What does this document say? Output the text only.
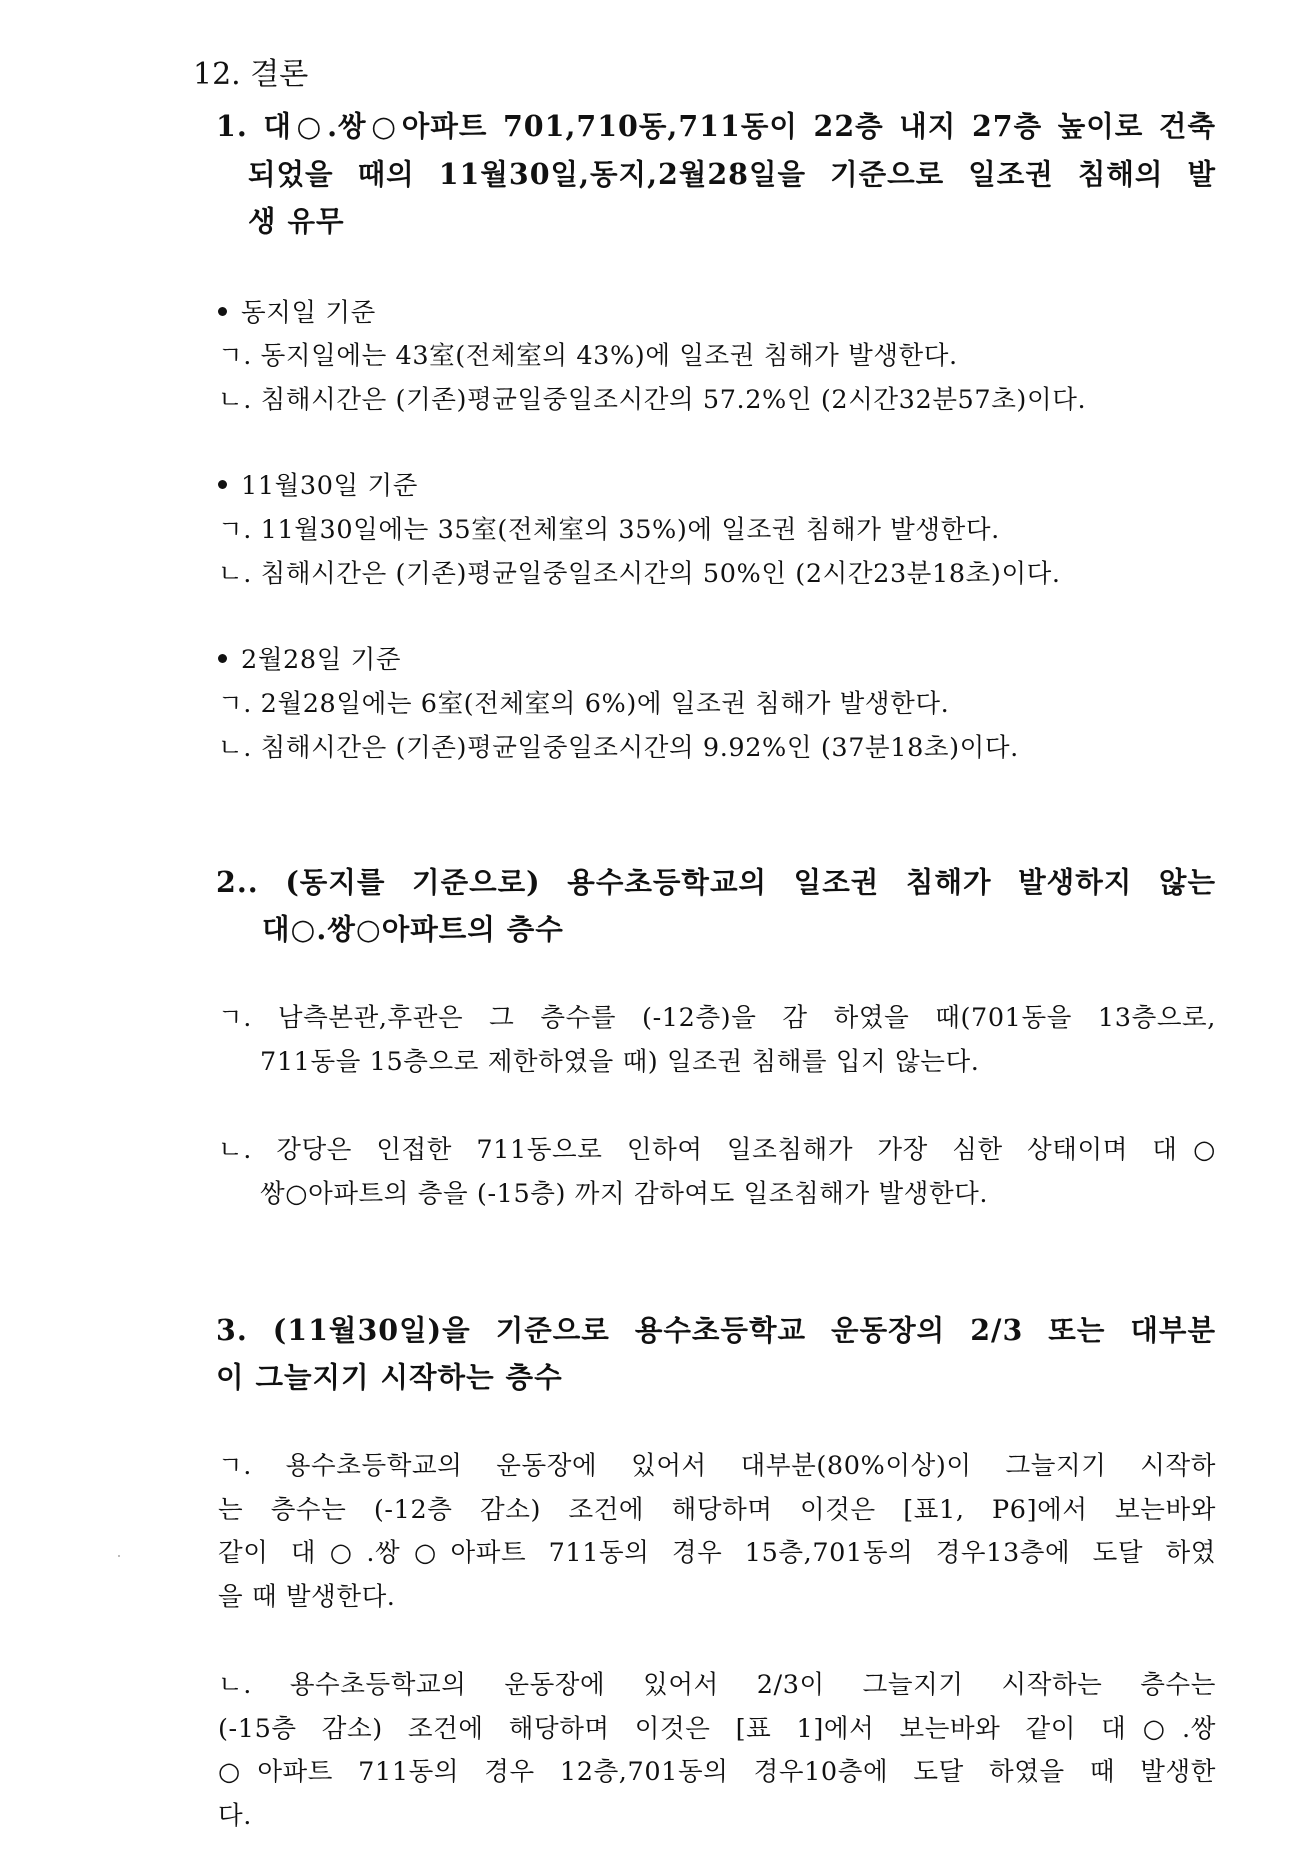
12. 결론
1. 대○.쌍○아파트 701,710동,711동이 22층 내지 27층 높이로 건축
되었을 때의 11월30일,동지,2월28일을 기준으로 일조권 침해의 발
생 유무
동지일 기준
ㄱ. 동지일에는 43室(전체室의 43%)에 일조권 침해가 발생한다.
ㄴ. 침해시간은 (기존)평균일중일조시간의 57.2%인 (2시간32분57초)이다.
11월30일 기준
ㄱ. 11월30일에는 35室(전체室의 35%)에 일조권 침해가 발생한다.
ㄴ. 침해시간은 (기존)평균일중일조시간의 50%인 (2시간23분18초)이다.
2월28일 기준
ㄱ. 2월28일에는 6室(전체室의 6%)에 일조권 침해가 발생한다.
ㄴ. 침해시간은 (기존)평균일중일조시간의 9.92%인 (37분18초)이다.
2.. (동지를 기준으로) 용수초등학교의 일조권 침해가 발생하지 않는
대○.쌍○아파트의 층수
ㄱ. 남측본관,후관은 그 층수를 (-12층)을 감 하였을 때(701동을 13층으로,
711동을 15층으로 제한하였을 때) 일조권 침해를 입지 않는다.
ㄴ. 강당은 인접한 711동으로 인하여 일조침해가 가장 심한 상태이며 대○
쌍○아파트의 층을 (-15층) 까지 감하여도 일조침해가 발생한다.
3. (11월30일)을 기준으로 용수초등학교 운동장의 2/3 또는 대부분
이 그늘지기 시작하는 층수
ㄱ. 용수초등학교의 운동장에 있어서 대부분(80%이상)이 그늘지기 시작하
는 층수는 (-12층 감소) 조건에 해당하며 이것은 [표1, P6]에서 보는바와
같이 대○.쌍○아파트 711동의 경우 15층,701동의 경우13층에 도달 하였
을 때 발생한다.
ㄴ. 용수초등학교의 운동장에 있어서 2/3이 그늘지기 시작하는 층수는
(-15층 감소) 조건에 해당하며 이것은 [표 1]에서 보는바와 같이 대○.쌍
○아파트 711동의 경우 12층,701동의 경우10층에 도달 하였을 때 발생한
다.
